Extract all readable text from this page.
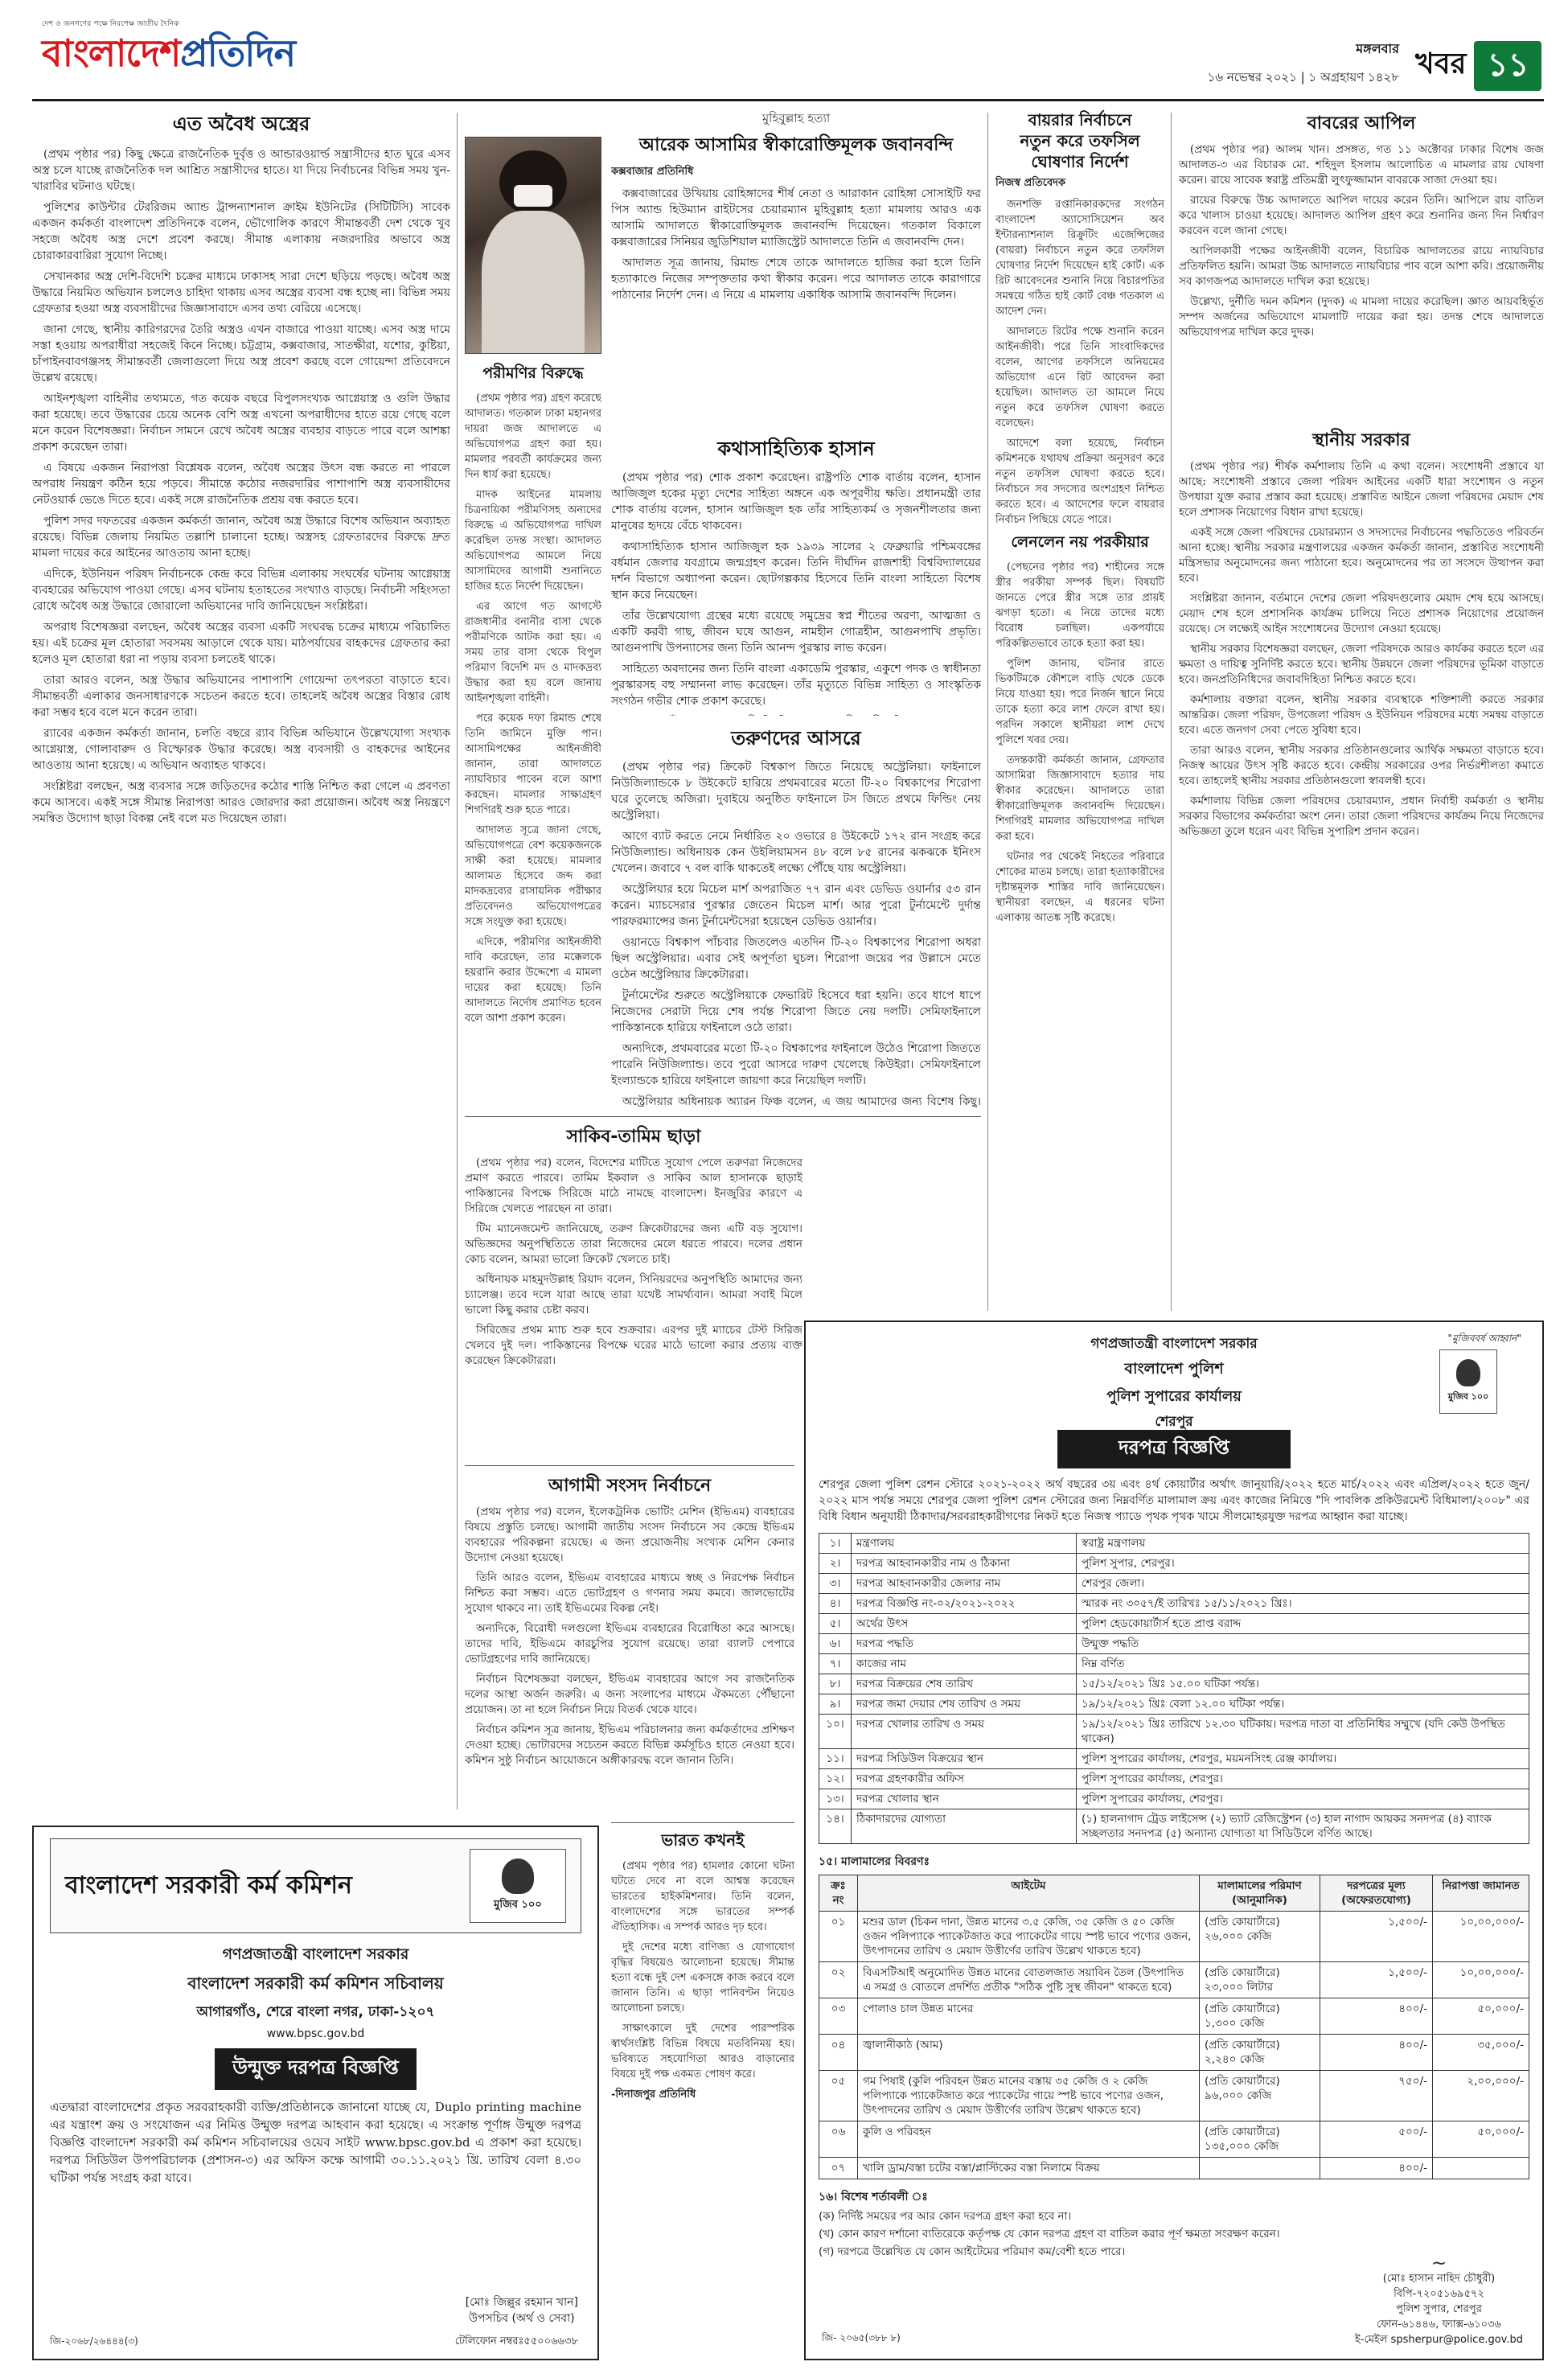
দেশ ও জনগণের পক্ষে নিরপেক্ষ জাতীয় দৈনিক
বাংলাদেশপ্রতিদিন	মঙ্গলবার
১৬ নভেম্বর ২০২১ | ১ অগ্রহায়ণ ১৪২৮ খবর ১১
এত অবৈধ অস্ত্রের

(প্রথম পৃষ্ঠার পর) কিছু ক্ষেত্রে রাজনৈতিক দুর্বৃত্ত ও আন্ডারওয়ার্ল্ড সন্ত্রাসীদের হাত ঘুরে এসব অস্ত্র চলে যাচ্ছে রাজনৈতিক দল আশ্রিত সন্ত্রাসীদের হাতে। যা দিয়ে নির্বাচনের বিভিন্ন সময় খুন-খারাবির ঘটনাও ঘটছে।

পুলিশের কাউন্টার টেররিজম অ্যান্ড ট্রান্সন্যাশনাল ক্রাইম ইউনিটের (সিটিটিসি) সাবেক একজন কর্মকর্তা বাংলাদেশ প্রতিদিনকে বলেন, ভৌগোলিক কারণে সীমান্তবর্তী দেশ থেকে খুব সহজে অবৈধ অস্ত্র দেশে প্রবেশ করছে। সীমান্ত এলাকায় নজরদারির অভাবে অস্ত্র চোরাকারবারিরা সুযোগ নিচ্ছে।

সেখানকার অস্ত্র দেশি-বিদেশি চক্রের মাধ্যমে ঢাকাসহ সারা দেশে ছড়িয়ে পড়ছে। অবৈধ অস্ত্র উদ্ধারে নিয়মিত অভিযান চললেও চাহিদা থাকায় এসব অস্ত্রের ব্যবসা বন্ধ হচ্ছে না। বিভিন্ন সময় গ্রেফতার হওয়া অস্ত্র ব্যবসায়ীদের জিজ্ঞাসাবাদে এসব তথ্য বেরিয়ে এসেছে।

জানা গেছে, স্থানীয় কারিগরদের তৈরি অস্ত্রও এখন বাজারে পাওয়া যাচ্ছে। এসব অস্ত্র দামে সস্তা হওয়ায় অপরাধীরা সহজেই কিনে নিচ্ছে। চট্টগ্রাম, কক্সবাজার, সাতক্ষীরা, যশোর, কুষ্টিয়া, চাঁপাইনবাবগঞ্জসহ সীমান্তবর্তী জেলাগুলো দিয়ে অস্ত্র প্রবেশ করছে বলে গোয়েন্দা প্রতিবেদনে উল্লেখ রয়েছে।

আইনশৃঙ্খলা বাহিনীর তথ্যমতে, গত কয়েক বছরে বিপুলসংখ্যক আগ্নেয়াস্ত্র ও গুলি উদ্ধার করা হয়েছে। তবে উদ্ধারের চেয়ে অনেক বেশি অস্ত্র এখনো অপরাধীদের হাতে রয়ে গেছে বলে মনে করেন বিশেষজ্ঞরা। নির্বাচন সামনে রেখে অবৈধ অস্ত্রের ব্যবহার বাড়তে পারে বলে আশঙ্কা প্রকাশ করেছেন তারা।

এ বিষয়ে একজন নিরাপত্তা বিশ্লেষক বলেন, অবৈধ অস্ত্রের উৎস বন্ধ করতে না পারলে অপরাধ নিয়ন্ত্রণ কঠিন হয়ে পড়বে। সীমান্তে কঠোর নজরদারির পাশাপাশি অস্ত্র ব্যবসায়ীদের নেটওয়ার্ক ভেঙে দিতে হবে। একই সঙ্গে রাজনৈতিক প্রশ্রয় বন্ধ করতে হবে।

পুলিশ সদর দফতরের একজন কর্মকর্তা জানান, অবৈধ অস্ত্র উদ্ধারে বিশেষ অভিযান অব্যাহত রয়েছে। বিভিন্ন জেলায় নিয়মিত তল্লাশি চালানো হচ্ছে। অস্ত্রসহ গ্রেফতারদের বিরুদ্ধে দ্রুত মামলা দায়ের করে আইনের আওতায় আনা হচ্ছে।

এদিকে, ইউনিয়ন পরিষদ নির্বাচনকে কেন্দ্র করে বিভিন্ন এলাকায় সংঘর্ষের ঘটনায় আগ্নেয়াস্ত্র ব্যবহারের অভিযোগ পাওয়া গেছে। এসব ঘটনায় হতাহতের সংখ্যাও বাড়ছে। নির্বাচনী সহিংসতা রোধে অবৈধ অস্ত্র উদ্ধারে জোরালো অভিযানের দাবি জানিয়েছেন সংশ্লিষ্টরা।

অপরাধ বিশেষজ্ঞরা বলছেন, অবৈধ অস্ত্রের ব্যবসা একটি সংঘবদ্ধ চক্রের মাধ্যমে পরিচালিত হয়। এই চক্রের মূল হোতারা সবসময় আড়ালে থেকে যায়। মাঠপর্যায়ের বাহকদের গ্রেফতার করা হলেও মূল হোতারা ধরা না পড়ায় ব্যবসা চলতেই থাকে।

তারা আরও বলেন, অস্ত্র উদ্ধার অভিযানের পাশাপাশি গোয়েন্দা তৎপরতা বাড়াতে হবে। সীমান্তবর্তী এলাকার জনসাধারণকে সচেতন করতে হবে। তাহলেই অবৈধ অস্ত্রের বিস্তার রোধ করা সম্ভব হবে বলে মনে করেন তারা।

র‌্যাবের একজন কর্মকর্তা জানান, চলতি বছরে র‌্যাব বিভিন্ন অভিযানে উল্লেখযোগ্য সংখ্যক আগ্নেয়াস্ত্র, গোলাবারুদ ও বিস্ফোরক উদ্ধার করেছে। অস্ত্র ব্যবসায়ী ও বাহকদের আইনের আওতায় আনা হয়েছে। এ অভিযান অব্যাহত থাকবে।

সংশ্লিষ্টরা বলছেন, অস্ত্র ব্যবসার সঙ্গে জড়িতদের কঠোর শাস্তি নিশ্চিত করা গেলে এ প্রবণতা কমে আসবে। একই সঙ্গে সীমান্ত নিরাপত্তা আরও জোরদার করা প্রয়োজন। অবৈধ অস্ত্র নিয়ন্ত্রণে সমন্বিত উদ্যোগ ছাড়া বিকল্প নেই বলে মত দিয়েছেন তারা।

মুহিবুল্লাহ হত্যা
আরেক আসামির স্বীকারোক্তিমূলক জবানবন্দি
কক্সবাজার প্রতিনিধি

কক্সবাজারের উখিয়ায় রোহিঙ্গাদের শীর্ষ নেতা ও আরাকান রোহিঙ্গা সোসাইটি ফর পিস অ্যান্ড হিউম্যান রাইটসের চেয়ারম্যান মুহিবুল্লাহ হত্যা মামলায় আরও এক আসামি আদালতে স্বীকারোক্তিমূলক জবানবন্দি দিয়েছেন। গতকাল বিকালে কক্সবাজারের সিনিয়র জুডিশিয়াল ম্যাজিস্ট্রেট আদালতে তিনি এ জবানবন্দি দেন।

আদালত সূত্র জানায়, রিমান্ড শেষে তাকে আদালতে হাজির করা হলে তিনি হত্যাকাণ্ডে নিজের সম্পৃক্ততার কথা স্বীকার করেন। পরে আদালত তাকে কারাগারে পাঠানোর নির্দেশ দেন। এ নিয়ে এ মামলায় একাধিক আসামি জবানবন্দি দিলেন।

কথাসাহিত্যিক হাসান

(প্রথম পৃষ্ঠার পর) শোক প্রকাশ করেছেন। রাষ্ট্রপতি শোক বার্তায় বলেন, হাসান আজিজুল হকের মৃত্যু দেশের সাহিত্য অঙ্গনে এক অপূরণীয় ক্ষতি। প্রধানমন্ত্রী তার শোক বার্তায় বলেন, হাসান আজিজুল হক তাঁর সাহিত্যকর্ম ও সৃজনশীলতার জন্য মানুষের হৃদয়ে বেঁচে থাকবেন।

কথাসাহিত্যিক হাসান আজিজুল হক ১৯৩৯ সালের ২ ফেব্রুয়ারি পশ্চিমবঙ্গের বর্ধমান জেলার যবগ্রামে জন্মগ্রহণ করেন। তিনি দীর্ঘদিন রাজশাহী বিশ্ববিদ্যালয়ের দর্শন বিভাগে অধ্যাপনা করেন। ছোটগল্পকার হিসেবে তিনি বাংলা সাহিত্যে বিশেষ স্থান করে নিয়েছেন।

তাঁর উল্লেখযোগ্য গ্রন্থের মধ্যে রয়েছে সমুদ্রের স্বপ্ন শীতের অরণ্য, আত্মজা ও একটি করবী গাছ, জীবন ঘষে আগুন, নামহীন গোত্রহীন, আগুনপাখি প্রভৃতি। আগুনপাখি উপন্যাসের জন্য তিনি আনন্দ পুরস্কার লাভ করেন।

সাহিত্যে অবদানের জন্য তিনি বাংলা একাডেমি পুরস্কার, একুশে পদক ও স্বাধীনতা পুরস্কারসহ বহু সম্মাননা লাভ করেছেন। তাঁর মৃত্যুতে বিভিন্ন সাহিত্য ও সাংস্কৃতিক সংগঠন গভীর শোক প্রকাশ করেছে।

পরীমণির বিরুদ্ধে

(প্রথম পৃষ্ঠার পর) গ্রহণ করেছে আদালত। গতকাল ঢাকা মহানগর দায়রা জজ আদালতে এ অভিযোগপত্র গ্রহণ করা হয়। মামলার পরবর্তী কার্যক্রমের জন্য দিন ধার্য করা হয়েছে।

মাদক আইনের মামলায় চিত্রনায়িকা পরীমণিসহ অন্যদের বিরুদ্ধে এ অভিযোগপত্র দাখিল করেছিল তদন্ত সংস্থা। আদালত অভিযোগপত্র আমলে নিয়ে আসামিদের আগামী শুনানিতে হাজির হতে নির্দেশ দিয়েছেন।

এর আগে গত আগস্টে রাজধানীর বনানীর বাসা থেকে পরীমণিকে আটক করা হয়। এ সময় তার বাসা থেকে বিপুল পরিমাণ বিদেশি মদ ও মাদকদ্রব্য উদ্ধার করা হয় বলে জানায় আইনশৃঙ্খলা বাহিনী।

পরে কয়েক দফা রিমান্ড শেষে তিনি জামিনে মুক্তি পান। আসামিপক্ষের আইনজীবী জানান, তারা আদালতে ন্যায়বিচার পাবেন বলে আশা করছেন। মামলার সাক্ষ্যগ্রহণ শিগগিরই শুরু হতে পারে।

আদালত সূত্রে জানা গেছে, অভিযোগপত্রে বেশ কয়েকজনকে সাক্ষী করা হয়েছে। মামলার আলামত হিসেবে জব্দ করা মাদকদ্রব্যের রাসায়নিক পরীক্ষার প্রতিবেদনও অভিযোগপত্রের সঙ্গে সংযুক্ত করা হয়েছে।

এদিকে, পরীমণির আইনজীবী দাবি করেছেন, তার মক্কেলকে হয়রানি করার উদ্দেশ্যে এ মামলা দায়ের করা হয়েছে। তিনি আদালতে নির্দোষ প্রমাণিত হবেন বলে আশা প্রকাশ করেন।

তরুণদের আসরে

(প্রথম পৃষ্ঠার পর) ক্রিকেট বিশ্বকাপ জিতে নিয়েছে অস্ট্রেলিয়া। ফাইনালে নিউজিল্যান্ডকে ৮ উইকেটে হারিয়ে প্রথমবারের মতো টি-২০ বিশ্বকাপের শিরোপা ঘরে তুলেছে অজিরা। দুবাইয়ে অনুষ্ঠিত ফাইনালে টস জিতে প্রথমে ফিল্ডিং নেয় অস্ট্রেলিয়া।

আগে ব্যাট করতে নেমে নির্ধারিত ২০ ওভারে ৪ উইকেটে ১৭২ রান সংগ্রহ করে নিউজিল্যান্ড। অধিনায়ক কেন উইলিয়ামসন ৪৮ বলে ৮৫ রানের ঝকঝকে ইনিংস খেলেন। জবাবে ৭ বল বাকি থাকতেই লক্ষ্যে পৌঁছে যায় অস্ট্রেলিয়া।

অস্ট্রেলিয়ার হয়ে মিচেল মার্শ অপরাজিত ৭৭ রান এবং ডেভিড ওয়ার্নার ৫৩ রান করেন। ম্যাচসেরার পুরস্কার জেতেন মিচেল মার্শ। আর পুরো টুর্নামেন্টে দুর্দান্ত পারফরম্যান্সের জন্য টুর্নামেন্টসেরা হয়েছেন ডেভিড ওয়ার্নার।

ওয়ানডে বিশ্বকাপ পাঁচবার জিতলেও এতদিন টি-২০ বিশ্বকাপের শিরোপা অধরা ছিল অস্ট্রেলিয়ার। এবার সেই অপূর্ণতা ঘুচল। শিরোপা জয়ের পর উল্লাসে মেতে ওঠেন অস্ট্রেলিয়ার ক্রিকেটাররা।

টুর্নামেন্টের শুরুতে অস্ট্রেলিয়াকে ফেভারিট হিসেবে ধরা হয়নি। তবে ধাপে ধাপে নিজেদের সেরাটা দিয়ে শেষ পর্যন্ত শিরোপা জিতে নেয় দলটি। সেমিফাইনালে পাকিস্তানকে হারিয়ে ফাইনালে ওঠে তারা।

অন্যদিকে, প্রথমবারের মতো টি-২০ বিশ্বকাপের ফাইনালে উঠেও শিরোপা জিততে পারেনি নিউজিল্যান্ড। তবে পুরো আসরে দারুণ খেলেছে কিউইরা। সেমিফাইনালে ইংল্যান্ডকে হারিয়ে ফাইনালে জায়গা করে নিয়েছিল দলটি।

অস্ট্রেলিয়ার অধিনায়ক অ্যারন ফিঞ্চ বলেন, এ জয় আমাদের জন্য বিশেষ কিছু।

বায়রার নির্বাচনে
নতুন করে তফসিল
ঘোষণার নির্দেশ
নিজস্ব প্রতিবেদক

জনশক্তি রপ্তানিকারকদের সংগঠন বাংলাদেশ অ্যাসোসিয়েশন অব ইন্টারন্যাশনাল রিক্রুটিং এজেন্সিজের (বায়রা) নির্বাচনে নতুন করে তফসিল ঘোষণার নির্দেশ দিয়েছেন হাই কোর্ট। এক রিট আবেদনের শুনানি নিয়ে বিচারপতির সমন্বয়ে গঠিত হাই কোর্ট বেঞ্চ গতকাল এ আদেশ দেন।

আদালতে রিটের পক্ষে শুনানি করেন আইনজীবী। পরে তিনি সাংবাদিকদের বলেন, আগের তফসিলে অনিয়মের অভিযোগ এনে রিট আবেদন করা হয়েছিল। আদালত তা আমলে নিয়ে নতুন করে তফসিল ঘোষণা করতে বলেছেন।

আদেশে বলা হয়েছে, নির্বাচন কমিশনকে যথাযথ প্রক্রিয়া অনুসরণ করে নতুন তফসিল ঘোষণা করতে হবে। নির্বাচনে সব সদস্যের অংশগ্রহণ নিশ্চিত করতে হবে। এ আদেশের ফলে বায়রার নির্বাচন পিছিয়ে যেতে পারে।

লেনলেন নয় পরকীয়ার

(পেছনের পৃষ্ঠার পর) শাহীনের সঙ্গে স্ত্রীর পরকীয়া সম্পর্ক ছিল। বিষয়টি জানতে পেরে স্ত্রীর সঙ্গে তার প্রায়ই ঝগড়া হতো। এ নিয়ে তাদের মধ্যে বিরোধ চলছিল। একপর্যায়ে পরিকল্পিতভাবে তাকে হত্যা করা হয়।

পুলিশ জানায়, ঘটনার রাতে ভিকটিমকে কৌশলে বাড়ি থেকে ডেকে নিয়ে যাওয়া হয়। পরে নির্জন স্থানে নিয়ে তাকে হত্যা করে লাশ ফেলে রাখা হয়। পরদিন সকালে স্থানীয়রা লাশ দেখে পুলিশে খবর দেয়।

তদন্তকারী কর্মকর্তা জানান, গ্রেফতার আসামিরা জিজ্ঞাসাবাদে হত্যার দায় স্বীকার করেছেন। আদালতে তারা স্বীকারোক্তিমূলক জবানবন্দি দিয়েছেন। শিগগিরই মামলার অভিযোগপত্র দাখিল করা হবে।

ঘটনার পর থেকেই নিহতের পরিবারে শোকের মাতম চলছে। তারা হত্যাকারীদের দৃষ্টান্তমূলক শাস্তির দাবি জানিয়েছেন। স্থানীয়রা বলছেন, এ ধরনের ঘটনা এলাকায় আতঙ্ক সৃষ্টি করেছে।

বাবরের আপিল

(প্রথম পৃষ্ঠার পর) আলম খান। প্রসঙ্গত, গত ১১ অক্টোবর ঢাকার বিশেষ জজ আদালত-৩ এর বিচারক মো. শহিদুল ইসলাম আলোচিত এ মামলার রায় ঘোষণা করেন। রায়ে সাবেক স্বরাষ্ট্র প্রতিমন্ত্রী লুৎফুজ্জামান বাবরকে সাজা দেওয়া হয়।

রায়ের বিরুদ্ধে উচ্চ আদালতে আপিল দায়ের করেন তিনি। আপিলে রায় বাতিল করে খালাস চাওয়া হয়েছে। আদালত আপিল গ্রহণ করে শুনানির জন্য দিন নির্ধারণ করবেন বলে জানা গেছে।

আপিলকারী পক্ষের আইনজীবী বলেন, বিচারিক আদালতের রায়ে ন্যায়বিচার প্রতিফলিত হয়নি। আমরা উচ্চ আদালতে ন্যায়বিচার পাব বলে আশা করি। প্রয়োজনীয় সব কাগজপত্র আদালতে দাখিল করা হয়েছে।

উল্লেখ্য, দুর্নীতি দমন কমিশন (দুদক) এ মামলা দায়ের করেছিল। জ্ঞাত আয়বহির্ভূত সম্পদ অর্জনের অভিযোগে মামলাটি দায়ের করা হয়। তদন্ত শেষে আদালতে অভিযোগপত্র দাখিল করে দুদক।

স্থানীয় সরকার

(প্রথম পৃষ্ঠার পর) শীর্ষক কর্মশালায় তিনি এ কথা বলেন। সংশোধনী প্রস্তাবে যা আছে: সংশোধনী প্রস্তাবে জেলা পরিষদ আইনের একটি ধারা সংশোধন ও নতুন উপধারা যুক্ত করার প্রস্তাব করা হয়েছে। প্রস্তাবিত আইনে জেলা পরিষদের মেয়াদ শেষ হলে প্রশাসক নিয়োগের বিধান রাখা হয়েছে।

একই সঙ্গে জেলা পরিষদের চেয়ারম্যান ও সদস্যদের নির্বাচনের পদ্ধতিতেও পরিবর্তন আনা হচ্ছে। স্থানীয় সরকার মন্ত্রণালয়ের একজন কর্মকর্তা জানান, প্রস্তাবিত সংশোধনী মন্ত্রিসভার অনুমোদনের জন্য পাঠানো হবে। অনুমোদনের পর তা সংসদে উত্থাপন করা হবে।

সংশ্লিষ্টরা জানান, বর্তমানে দেশের জেলা পরিষদগুলোর মেয়াদ শেষ হয়ে আসছে। মেয়াদ শেষ হলে প্রশাসনিক কার্যক্রম চালিয়ে নিতে প্রশাসক নিয়োগের প্রয়োজন রয়েছে। সে লক্ষ্যেই আইন সংশোধনের উদ্যোগ নেওয়া হয়েছে।

স্থানীয় সরকার বিশেষজ্ঞরা বলছেন, জেলা পরিষদকে আরও কার্যকর করতে হলে এর ক্ষমতা ও দায়িত্ব সুনির্দিষ্ট করতে হবে। স্থানীয় উন্নয়নে জেলা পরিষদের ভূমিকা বাড়াতে হবে। জনপ্রতিনিধিদের জবাবদিহিতা নিশ্চিত করতে হবে।

কর্মশালায় বক্তারা বলেন, স্থানীয় সরকার ব্যবস্থাকে শক্তিশালী করতে সরকার আন্তরিক। জেলা পরিষদ, উপজেলা পরিষদ ও ইউনিয়ন পরিষদের মধ্যে সমন্বয় বাড়াতে হবে। এতে জনগণ সেবা পেতে সুবিধা হবে।

তারা আরও বলেন, স্থানীয় সরকার প্রতিষ্ঠানগুলোর আর্থিক সক্ষমতা বাড়াতে হবে। নিজস্ব আয়ের উৎস সৃষ্টি করতে হবে। কেন্দ্রীয় সরকারের ওপর নির্ভরশীলতা কমাতে হবে। তাহলেই স্থানীয় সরকার প্রতিষ্ঠানগুলো স্বাবলম্বী হবে।

কর্মশালায় বিভিন্ন জেলা পরিষদের চেয়ারম্যান, প্রধান নির্বাহী কর্মকর্তা ও স্থানীয় সরকার বিভাগের কর্মকর্তারা অংশ নেন। তারা জেলা পরিষদের কার্যক্রম নিয়ে নিজেদের অভিজ্ঞতা তুলে ধরেন এবং বিভিন্ন সুপারিশ প্রদান করেন।

সাকিব-তামিম ছাড়া

(প্রথম পৃষ্ঠার পর) বলেন, বিদেশের মাটিতে সুযোগ পেলে তরুণরা নিজেদের প্রমাণ করতে পারবে। তামিম ইকবাল ও সাকিব আল হাসানকে ছাড়াই পাকিস্তানের বিপক্ষে সিরিজে মাঠে নামছে বাংলাদেশ। ইনজুরির কারণে এ সিরিজে খেলতে পারছেন না তারা।

টিম ম্যানেজমেন্ট জানিয়েছে, তরুণ ক্রিকেটারদের জন্য এটি বড় সুযোগ। অভিজ্ঞদের অনুপস্থিতিতে তারা নিজেদের মেলে ধরতে পারবে। দলের প্রধান কোচ বলেন, আমরা ভালো ক্রিকেট খেলতে চাই।

অধিনায়ক মাহমুদউল্লাহ রিয়াদ বলেন, সিনিয়রদের অনুপস্থিতি আমাদের জন্য চ্যালেঞ্জ। তবে দলে যারা আছে তারা যথেষ্ট সামর্থ্যবান। আমরা সবাই মিলে ভালো কিছু করার চেষ্টা করব।

সিরিজের প্রথম ম্যাচ শুরু হবে শুক্রবার। এরপর দুই ম্যাচের টেস্ট সিরিজ খেলবে দুই দল। পাকিস্তানের বিপক্ষে ঘরের মাঠে ভালো করার প্রত্যয় ব্যক্ত করেছেন ক্রিকেটাররা।

আগামী সংসদ নির্বাচনে

(প্রথম পৃষ্ঠার পর) বলেন, ইলেকট্রনিক ভোটিং মেশিন (ইভিএম) ব্যবহারের বিষয়ে প্রস্তুতি চলছে। আগামী জাতীয় সংসদ নির্বাচনে সব কেন্দ্রে ইভিএম ব্যবহারের পরিকল্পনা রয়েছে। এ জন্য প্রয়োজনীয় সংখ্যক মেশিন কেনার উদ্যোগ নেওয়া হয়েছে।

তিনি আরও বলেন, ইভিএম ব্যবহারের মাধ্যমে স্বচ্ছ ও নিরপেক্ষ নির্বাচন নিশ্চিত করা সম্ভব। এতে ভোটগ্রহণ ও গণনার সময় কমবে। জালভোটের সুযোগ থাকবে না। তাই ইভিএমের বিকল্প নেই।

অন্যদিকে, বিরোধী দলগুলো ইভিএম ব্যবহারের বিরোধিতা করে আসছে। তাদের দাবি, ইভিএমে কারচুপির সুযোগ রয়েছে। তারা ব্যালট পেপারে ভোটগ্রহণের দাবি জানিয়েছে।

নির্বাচন বিশেষজ্ঞরা বলছেন, ইভিএম ব্যবহারের আগে সব রাজনৈতিক দলের আস্থা অর্জন জরুরি। এ জন্য সংলাপের মাধ্যমে ঐকমত্যে পৌঁছানো প্রয়োজন। তা না হলে নির্বাচন নিয়ে বিতর্ক থেকে যাবে।

নির্বাচন কমিশন সূত্র জানায়, ইভিএম পরিচালনার জন্য কর্মকর্তাদের প্রশিক্ষণ দেওয়া হচ্ছে। ভোটারদের সচেতন করতে বিভিন্ন কর্মসূচিও হাতে নেওয়া হবে। কমিশন সুষ্ঠু নির্বাচন আয়োজনে অঙ্গীকারবদ্ধ বলে জানান তিনি।

ভারত কখনই

(প্রথম পৃষ্ঠার পর) হামলার কোনো ঘটনা ঘটতে দেবে না বলে আশ্বস্ত করেছেন ভারতের হাইকমিশনার। তিনি বলেন, বাংলাদেশের সঙ্গে ভারতের সম্পর্ক ঐতিহাসিক। এ সম্পর্ক আরও দৃঢ় হবে।

দুই দেশের মধ্যে বাণিজ্য ও যোগাযোগ বৃদ্ধির বিষয়েও আলোচনা হয়েছে। সীমান্ত হত্যা বন্ধে দুই দেশ একসঙ্গে কাজ করবে বলে জানান তিনি। এ ছাড়া পানিবণ্টন নিয়েও আলোচনা চলছে।

সাক্ষাৎকালে দুই দেশের পারস্পরিক স্বার্থসংশ্লিষ্ট বিভিন্ন বিষয়ে মতবিনিময় হয়। ভবিষ্যতে সহযোগিতা আরও বাড়ানোর বিষয়ে দুই পক্ষ একমত পোষণ করে।

-দিনাজপুর প্রতিনিধি

বাংলাদেশ সরকারী কর্ম কমিশন
মুজিব ১০০
গণপ্রজাতন্ত্রী বাংলাদেশ সরকার
বাংলাদেশ সরকারী কর্ম কমিশন সচিবালয়
আগারগাঁও, শেরে বাংলা নগর, ঢাকা-১২০৭
www.bpsc.gov.bd
উন্মুক্ত দরপত্র বিজ্ঞপ্তি
এতদ্বারা বাংলাদেশের প্রকৃত সরবরাহকারী ব্যক্তি/প্রতিষ্ঠানকে জানানো যাচ্ছে যে, Duplo printing machine এর যন্ত্রাংশ ক্রয় ও সংযোজন এর নিমিত্ত উন্মুক্ত দরপত্র আহবান করা হয়েছে। এ সংক্রান্ত পূর্ণাঙ্গ উন্মুক্ত দরপত্র বিজ্ঞপ্তি বাংলাদেশ সরকারী কর্ম কমিশন সচিবালয়ের ওয়েব সাইট www.bpsc.gov.bd এ প্রকাশ করা হয়েছে। দরপত্র সিডিউল উপপরিচালক (প্রশাসন-৩) এর অফিস কক্ষে আগামী ৩০.১১.২০২১ খ্রি. তারিখ বেলা ৪.৩০ ঘটিকা পর্যন্ত সংগ্রহ করা যাবে।
[মোঃ জিল্লুর রহমান খান]
উপসচিব (অর্থ ও সেবা)
জি-২০৬৮/২৬৪৪৪(৩)	টেলিফোন নম্বরঃ৫৫০০৬৬৩৮
"মুজিববর্ষ আহ্বান"
গণপ্রজাতন্ত্রী বাংলাদেশ সরকার
বাংলাদেশ পুলিশ
পুলিশ সুপারের কার্যালয়
শেরপুর
মুজিব ১০০
দরপত্র বিজ্ঞপ্তি
শেরপুর জেলা পুলিশ রেশন স্টোরে ২০২১-২০২২ অর্থ বছরের ৩য় এবং ৪র্থ কোয়ার্টার অর্থাৎ জানুয়ারি/২০২২ হতে মার্চ/২০২২ এবং এপ্রিল/২০২২ হতে জুন/২০২২ মাস পর্যন্ত সময়ে শেরপুর জেলা পুলিশ রেশন স্টোরের জন্য নিম্নবর্ণিত মালামাল ক্রয় এবং কাজের নিমিত্তে "দি পাবলিক প্রকিউরমেন্ট বিধিমালা/২০০৮" এর বিধি বিধান অনুযায়ী ঠিকাদার/সরবরাহকারীগণের নিকট হতে নিজস্ব প্যাডে পৃথক পৃথক খামে সীলমোহরযুক্ত দরপত্র আহ্বান করা যাচ্ছে।
১।	মন্ত্রণালয়	স্বরাষ্ট্র মন্ত্রণালয়
২।	দরপত্র আহবানকারীর নাম ও ঠিকানা	পুলিশ সুপার, শেরপুর।
৩।	দরপত্র আহবানকারীর জেলার নাম	শেরপুর জেলা।
৪।	দরপত্র বিজ্ঞপ্তি নং-০২/২০২১-২০২২	স্মারক নং ৩০৫৭/ই তারিখঃ ১৫/১১/২০২১ খ্রিঃ।
৫।	অর্থের উৎস	পুলিশ হেডকোয়ার্টার্স হতে প্রাপ্ত বরাদ্দ
৬।	দরপত্র পদ্ধতি	উন্মুক্ত পদ্ধতি
৭।	কাজের নাম	নিম্ন বর্ণিত
৮।	দরপত্র বিক্রয়ের শেষ তারিখ	১৫/১২/২০২১ খ্রিঃ ১৫.০০ ঘটিকা পর্যন্ত।
৯।	দরপত্র জমা দেয়ার শেষ তারিখ ও সময়	১৯/১২/২০২১ খ্রিঃ বেলা ১২.০০ ঘটিকা পর্যন্ত।
১০।	দরপত্র খোলার তারিখ ও সময়	১৯/১২/২০২১ খ্রিঃ তারিখে ১২.৩০ ঘটিকায়। দরপত্র দাতা বা প্রতিনিধির সম্মুখে (যদি কেউ উপস্থিত থাকেন)
১১।	দরপত্র সিডিউল বিক্রয়ের স্থান	পুলিশ সুপারের কার্যালয়, শেরপুর, ময়মনসিংহ রেঞ্জ কার্যালয়।
১২।	দরপত্র গ্রহণকারীর অফিস	পুলিশ সুপারের কার্যালয়, শেরপুর।
১৩।	দরপত্র খোলার স্থান	পুলিশ সুপারের কার্যালয়, শেরপুর।
১৪।	ঠিকাদারদের যোগ্যতা	(১) হালনাগাদ ট্রেড লাইসেন্স (২) ভ্যাট রেজিস্ট্রেশন (৩) হাল নাগাদ আয়কর সনদপত্র (৪) ব্যাংক সচ্ছলতার সনদপত্র (৫) অন্যান্য যোগ্যতা যা সিডিউলে বর্ণিত আছে।
১৫। মালামালের বিবরণঃ
ক্রঃ নং	আইটেম	মালামালের পরিমাণ (আনুমানিক)	দরপত্রের মূল্য (অফেরতযোগ্য)	নিরাপত্তা জামানত
০১	মশুর ডাল (চিকন দানা, উন্নত মানের ৩.৫ কেজি, ৩৫ কেজি ও ৫০ কেজি ওজন পলিপ্যাকে প্যাকেটজাত করে প্যাকেটের গায়ে স্পষ্ট ভাবে পণ্যের ওজন, উৎপাদনের তারিখ ও মেয়াদ উত্তীর্ণের তারিখ উল্লেখ থাকতে হবে)	(প্রতি কোয়ার্টারে) ২৬,০০০ কেজি	১,৫০০/-	১০,০০,০০০/-
০২	বিএসটিআই অনুমোদিত উন্নত মানের বোতলজাত সয়াবিন তৈল (উৎপাদিত এ সমগ্র ও বোতলে প্রদর্শিত প্রতীক "সঠিক পুষ্টি সুস্থ জীবন" থাকতে হবে)	(প্রতি কোয়ার্টারে) ২৩,০০০ লিটার	১,৫০০/-	১০,০০,০০০/-
০৩	পোলাও চাল উন্নত মানের	(প্রতি কোয়ার্টারে) ১,৩০০ কেজি	৪০০/-	৫০,০০০/-
০৪	জ্বালানীকাঠ (আম)	(প্রতি কোয়ার্টারে) ২,২৪০ কেজি	৪০০/-	৩৫,০০০/-
০৫	গম পিষাই (কুলি পরিবহন উন্নত মানের বস্তায় ৩৫ কেজি ও ২ কেজি পলিপ্যাকে প্যাকেটজাত করে প্যাকেটের গায়ে স্পষ্ট ভাবে পণ্যের ওজন, উৎপাদনের তারিখ ও মেয়াদ উত্তীর্ণের তারিখ উল্লেখ থাকতে হবে)	(প্রতি কোয়ার্টারে) ৯৬,০০০ কেজি	৭৫০/-	২,০০,০০০/-
০৬	কুলি ও পরিবহন	(প্রতি কোয়ার্টারে) ১৩৫,০০০ কেজি	৫০০/-	৫০,০০০/-
০৭	খালি ড্রাম/বস্তা চটের বস্তা/প্লাস্টিকের বস্তা নিলামে বিক্রয়		৪০০/-	
১৬। বিশেষ শর্তাবলী ঃ
(ক) নির্দিষ্ট সময়ের পর আর কোন দরপত্র গ্রহণ করা হবে না।
(খ) কোন কারণ দর্শানো ব্যতিরেকে কর্তৃপক্ষ যে কোন দরপত্র গ্রহণ বা বাতিল করার পূর্ণ ক্ষমতা সংরক্ষণ করেন।
(গ) দরপত্রে উল্লেখিত যে কোন আইটেমের পরিমাণ কম/বেশী হতে পারে।	~
(মোঃ হাসান নাহিদ চৌধুরী)
বিপি-৭২০৫১৬৯৫৭২
পুলিশ সুপার, শেরপুর
ফোন-৬১৪৪৬, ফ্যাক্স-৬১০৩৬
ই-মেইল spsherpur@police.gov.bd
জি- ২০৬৫(৩৮৮ ৮)
